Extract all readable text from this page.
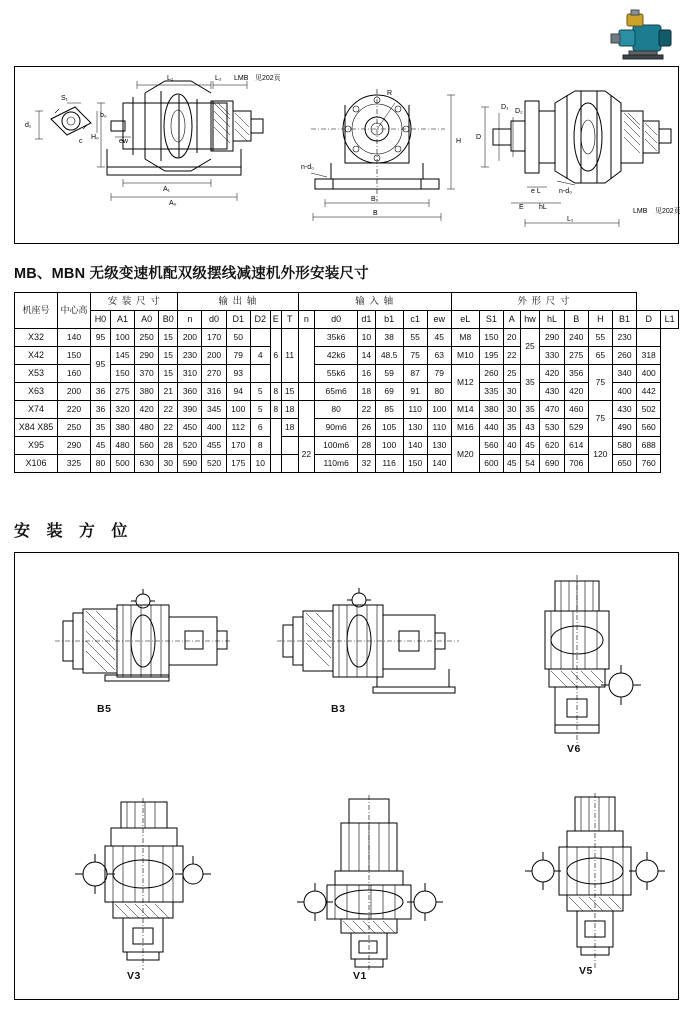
d₁
S₁
b₀
c
L₁	L₂ LMB 见202页
H₀
A₁
A₀
ew
R
H
n-d₀
B₀
B
D
D₁
D₂
e L	n-d₀
E hL
L₁
LMB 见202页
MB、MBN 无级变速机配双级摆线减速机外形安装尺寸
机座号	中心高	安 装 尺 寸				输 出 轴						输 入 轴						外 形 尺 寸									
		H0	A1	A0	B0	n	d0	D1	D2	E	T	n	d0	d1	b1	c1	ew	eL	S1	A	hw	hL	B	H	B1	D	L1
X32	140	95	100	250	15	200	170	50		6	11		35k6	10	38	55	45	M8	150	20	25	290	240	55	230		
X42	150	95	145	290	15	230	200	79	4				42k6	14	48.5	75	63	M10	195	22		330	275	65	260	318	
X53	160		150	370	15	310	270	93					55k6	16	59	87	79	M12	260	25	35	420	356	75	340	400	
X63	200	36	275	380	21	360	316	94	5	8	15		65m6	18	69	91	80		335	30		430	420		400	442	
X74	220	36	320	420	22	390	345	100	5	8	18		80	22	85	110	100	M14	380	30	35	470	460	75	430	502	
X84 X85	250	35	380	480	22	450	400	112	6		18		90m6	26	105	130	110	M16	440	35	43	530	529		490	560	
X95	290	45	480	560	28	520	455	170	8			22	100m6	28	100	140	130	M20	560	40	45	620	614	120	580	688	
X106	325	80	500	630	30	590	520	175	10				110m6	32	116	150	140		600	45	54	690	706		650	760	
安 装 方 位
B5	B3
V6
V3	V1	V5
